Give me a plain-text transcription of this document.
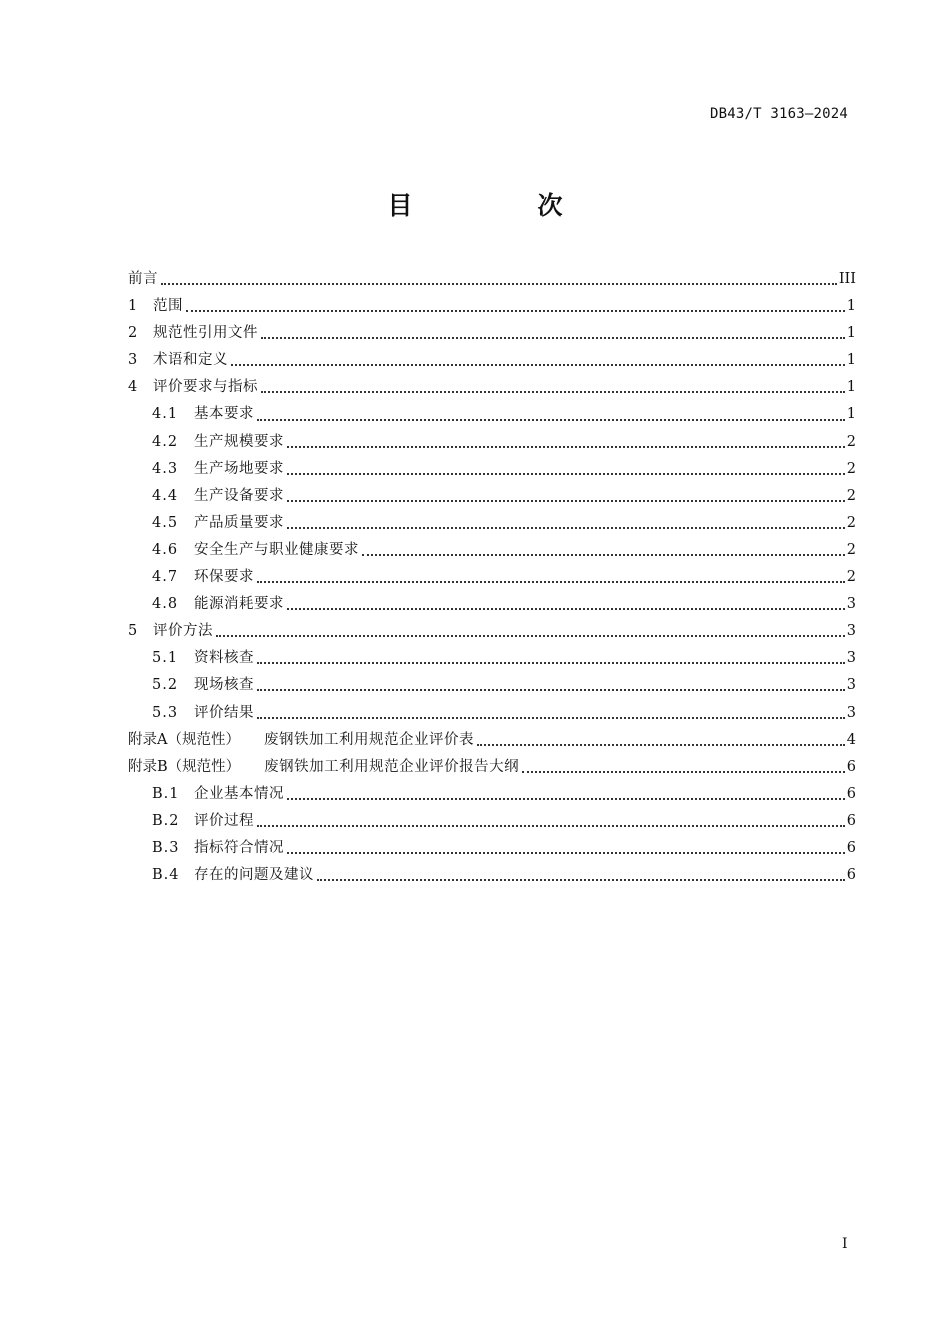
DB43/T 3163—2024
目　次
前言	III
1	范围	1
2	规范性引用文件	1
3	术语和定义	1
4	评价要求与指标	1
4.1	基本要求	1
4.2	生产规模要求	2
4.3	生产场地要求	2
4.4	生产设备要求	2
4.5	产品质量要求	2
4.6	安全生产与职业健康要求	2
4.7	环保要求	2
4.8	能源消耗要求	3
5	评价方法	3
5.1	资料核查	3
5.2	现场核查	3
5.3	评价结果	3
附录A（规范性） 废钢铁加工利用规范企业评价表	4
附录B（规范性） 废钢铁加工利用规范企业评价报告大纲	6
B.1	企业基本情况	6
B.2	评价过程	6
B.3	指标符合情况	6
B.4	存在的问题及建议	6
I
